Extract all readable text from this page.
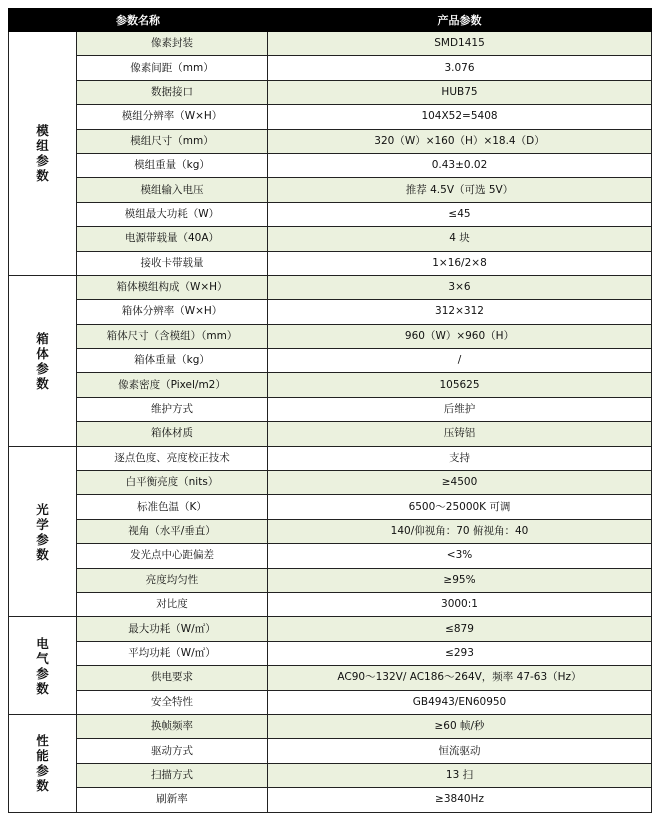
参数名称		产品参数
模组参数	像素封装	SMD1415
	像素间距（mm）	3.076
	数据接口	HUB75
	模组分辨率（W×H）	104X52=5408
	模组尺寸（mm）	320（W）×160（H）×18.4（D）
	模组重量（kg）	0.43±0.02
	模组输入电压	推荐 4.5V（可选 5V）
	模组最大功耗（W）	≤45
	电源带载量（40A）	4 块
	接收卡带载量	1×16/2×8
箱体参数	箱体模组构成（W×H）	3×6
	箱体分辨率（W×H）	312×312
	箱体尺寸（含模组）（mm）	960（W）×960（H）
	箱体重量（kg）	/
	像素密度（Pixel/m2）	105625
	维护方式	后维护
	箱体材质	压铸铝
光学参数	逐点色度、亮度校正技术	支持
	白平衡亮度（nits）	≥4500
	标准色温（K）	6500～25000K 可调
	视角（水平/垂直）	140/仰视角：70 俯视角：40
	发光点中心距偏差	<3%
	亮度均匀性	≥95%
	对比度	3000:1
电气参数	最大功耗（W/㎡）	≤879
	平均功耗（W/㎡）	≤293
	供电要求	AC90～132V/ AC186～264V，频率 47-63（Hz）
	安全特性	GB4943/EN60950
性能参数	换帧频率	≥60 帧/秒
	驱动方式	恒流驱动
	扫描方式	13 扫
	刷新率	≥3840Hz
